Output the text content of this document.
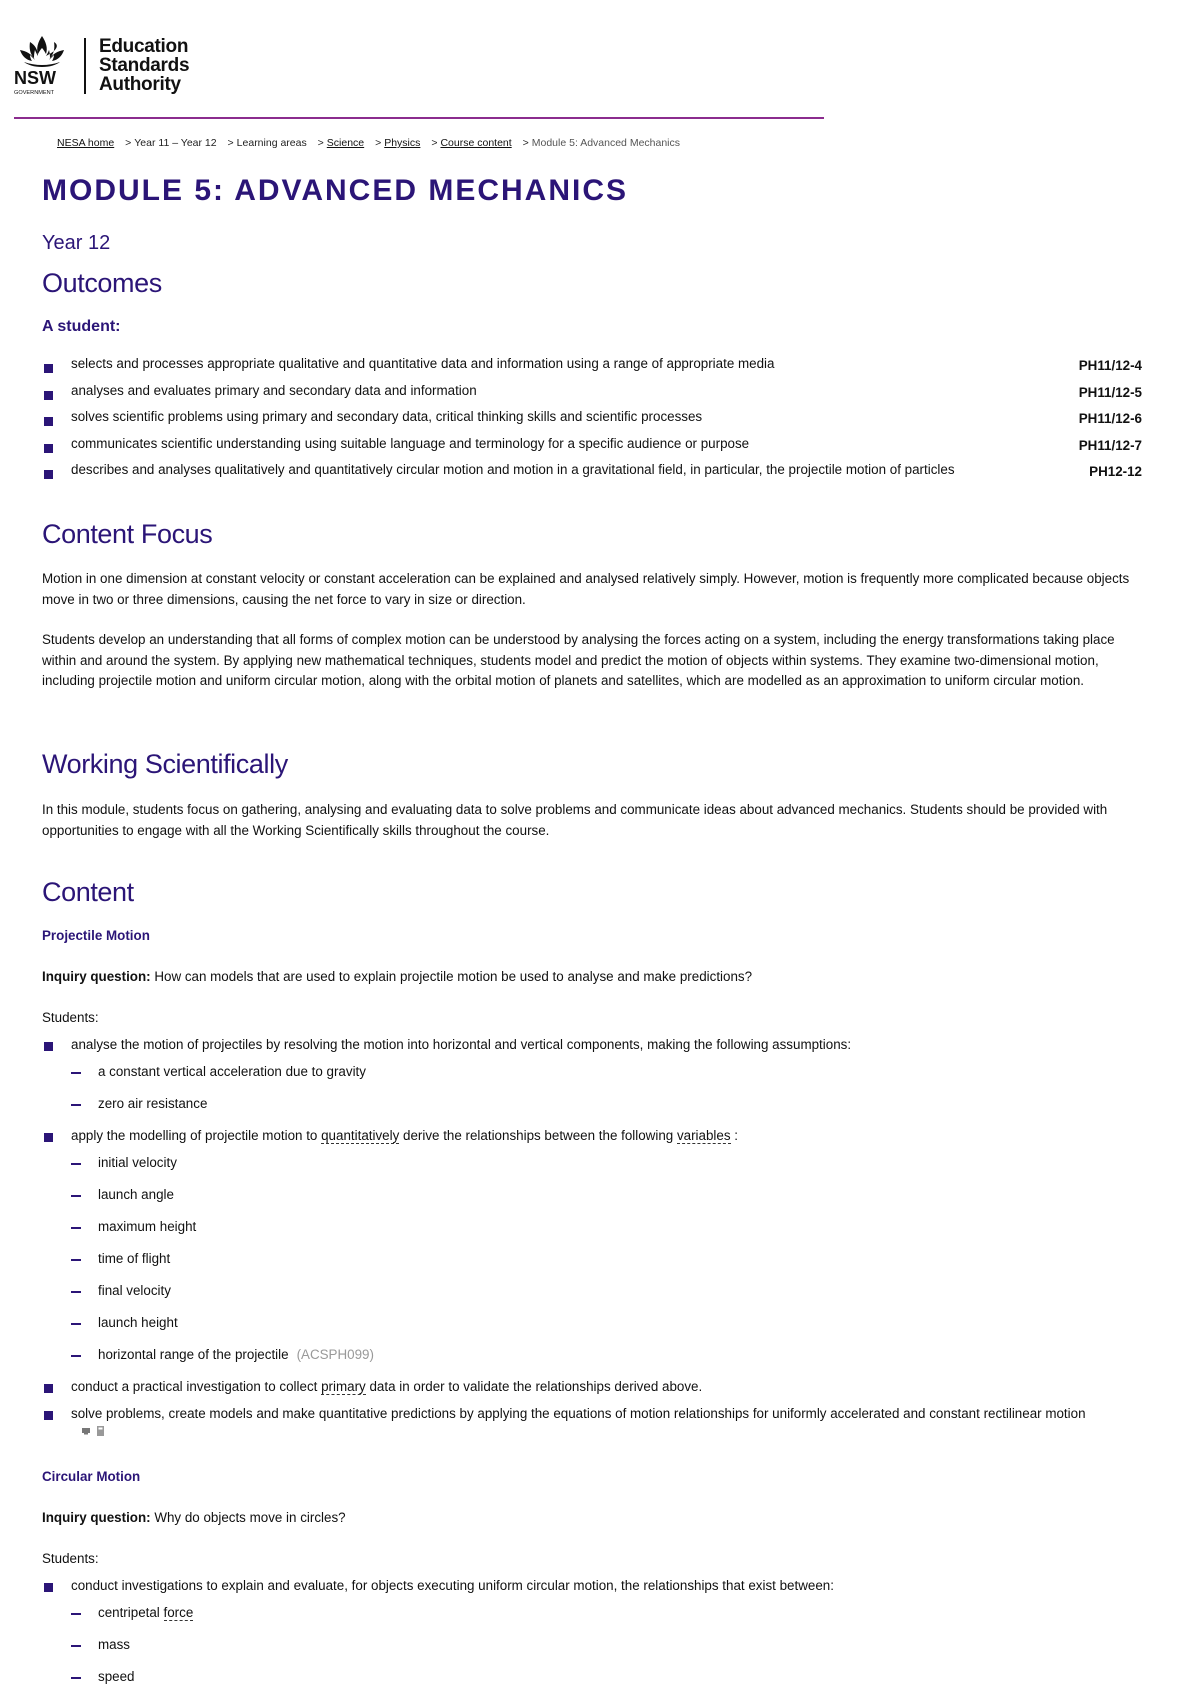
NSW
GOVERNMENT
Education
Standards
Authority
NESA home > Year 11 – Year 12 > Learning areas > Science > Physics > Course content > Module 5: Advanced Mechanics
MODULE 5: ADVANCED MECHANICS
Year 12
Outcomes
A student:
selects and processes appropriate qualitative and quantitative data and information using a range of appropriate media	PH11/12-4
analyses and evaluates primary and secondary data and information	PH11/12-5
solves scientific problems using primary and secondary data, critical thinking skills and scientific processes	PH11/12-6
communicates scientific understanding using suitable language and terminology for a specific audience or purpose	PH11/12-7
describes and analyses qualitatively and quantitatively circular motion and motion in a gravitational field, in particular, the projectile motion of particles	PH12-12
Content Focus

Motion in one dimension at constant velocity or constant acceleration can be explained and analysed relatively simply. However, motion is frequently more complicated because objects move in two or three dimensions, causing the net force to vary in size or direction.

Students develop an understanding that all forms of complex motion can be understood by analysing the forces acting on a system, including the energy transformations taking place within and around the system. By applying new mathematical techniques, students model and predict the motion of objects within systems. They examine two-dimensional motion, including projectile motion and uniform circular motion, along with the orbital motion of planets and satellites, which are modelled as an approximation to uniform circular motion.

Working Scientifically

In this module, students focus on gathering, analysing and evaluating data to solve problems and communicate ideas about advanced mechanics. Students should be provided with opportunities to engage with all the Working Scientifically skills throughout the course.

Content
Projectile Motion
Inquiry question: How can models that are used to explain projectile motion be used to analyse and make predictions?
Students:
analyse the motion of projectiles by resolving the motion into horizontal and vertical components, making the following assumptions:
a constant vertical acceleration due to gravity
zero air resistance
apply the modelling of projectile motion to quantitatively derive the relationships between the following variables :
initial velocity
launch angle
maximum height
time of flight
final velocity
launch height
horizontal range of the projectile (ACSPH099)
conduct a practical investigation to collect primary data in order to validate the relationships derived above.
solve problems, create models and make quantitative predictions by applying the equations of motion relationships for uniformly accelerated and constant rectilinear motion
Circular Motion
Inquiry question: Why do objects move in circles?
Students:
conduct investigations to explain and evaluate, for objects executing uniform circular motion, the relationships that exist between:
centripetal force
mass
speed
